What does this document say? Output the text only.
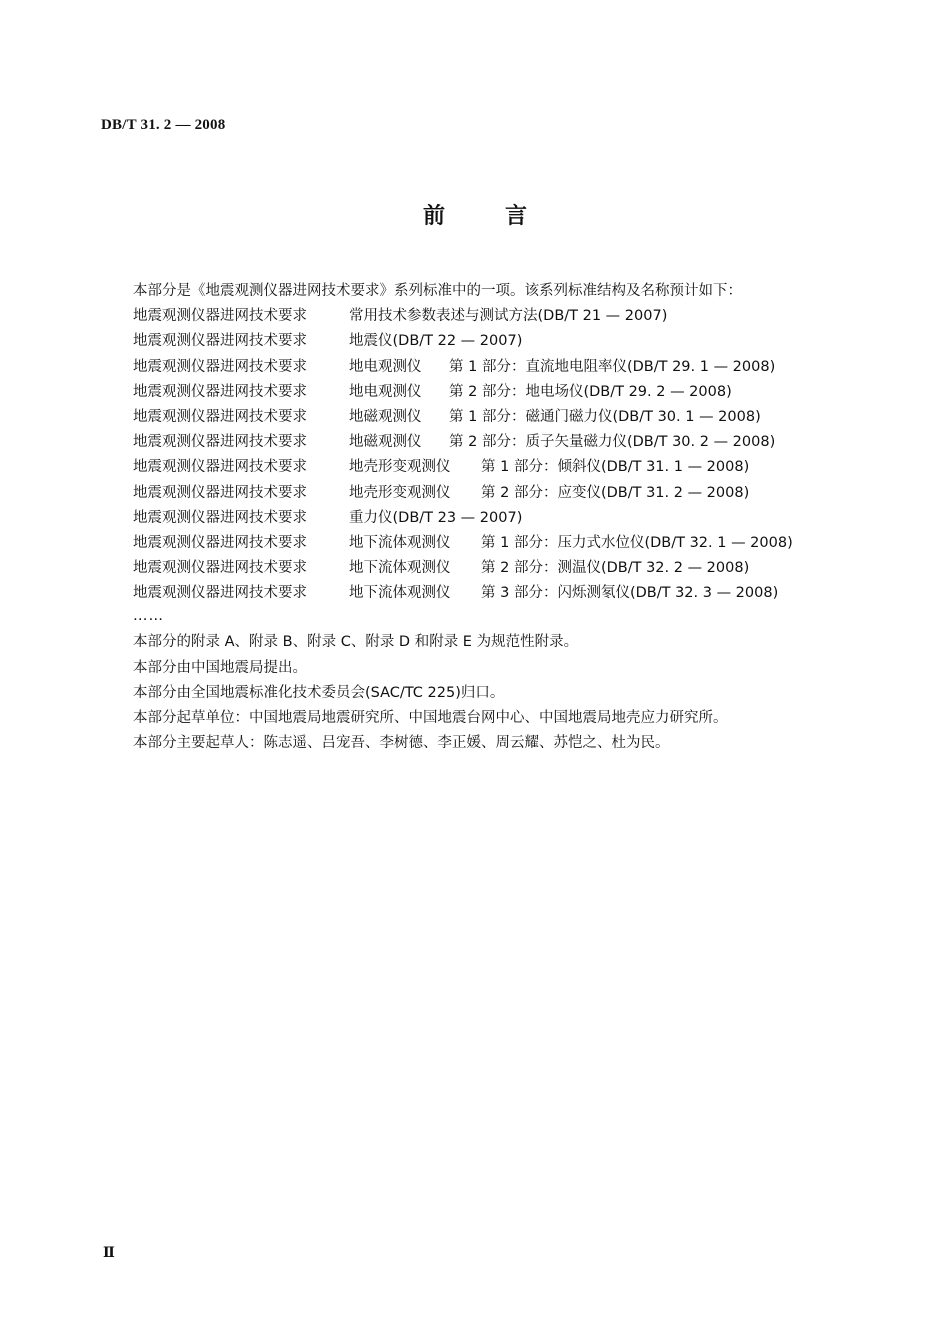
DB/T 31. 2 — 2008
前言
本部分是《地震观测仪器进网技术要求》系列标准中的一项。该系列标准结构及名称预计如下：
地震观测仪器进网技术要求	常用技术参数表述与测试方法(DB/T 21 — 2007)
地震观测仪器进网技术要求	地震仪(DB/T 22 — 2007)
地震观测仪器进网技术要求	地电观测仪	第 1 部分：直流地电阻率仪(DB/T 29. 1 — 2008)
地震观测仪器进网技术要求	地电观测仪	第 2 部分：地电场仪(DB/T 29. 2 — 2008)
地震观测仪器进网技术要求	地磁观测仪	第 1 部分：磁通门磁力仪(DB/T 30. 1 — 2008)
地震观测仪器进网技术要求	地磁观测仪	第 2 部分：质子矢量磁力仪(DB/T 30. 2 — 2008)
地震观测仪器进网技术要求	地壳形变观测仪	第 1 部分：倾斜仪(DB/T 31. 1 — 2008)
地震观测仪器进网技术要求	地壳形变观测仪	第 2 部分：应变仪(DB/T 31. 2 — 2008)
地震观测仪器进网技术要求	重力仪(DB/T 23 — 2007)
地震观测仪器进网技术要求	地下流体观测仪	第 1 部分：压力式水位仪(DB/T 32. 1 — 2008)
地震观测仪器进网技术要求	地下流体观测仪	第 2 部分：测温仪(DB/T 32. 2 — 2008)
地震观测仪器进网技术要求	地下流体观测仪	第 3 部分：闪烁测氡仪(DB/T 32. 3 — 2008)
……
本部分的附录 A、附录 B、附录 C、附录 D 和附录 E 为规范性附录。
本部分由中国地震局提出。
本部分由全国地震标准化技术委员会(SAC/TC 225)归口。
本部分起草单位：中国地震局地震研究所、中国地震台网中心、中国地震局地壳应力研究所。
本部分主要起草人：陈志遥、吕宠吾、李树德、李正媛、周云耀、苏恺之、杜为民。
Ⅱ
